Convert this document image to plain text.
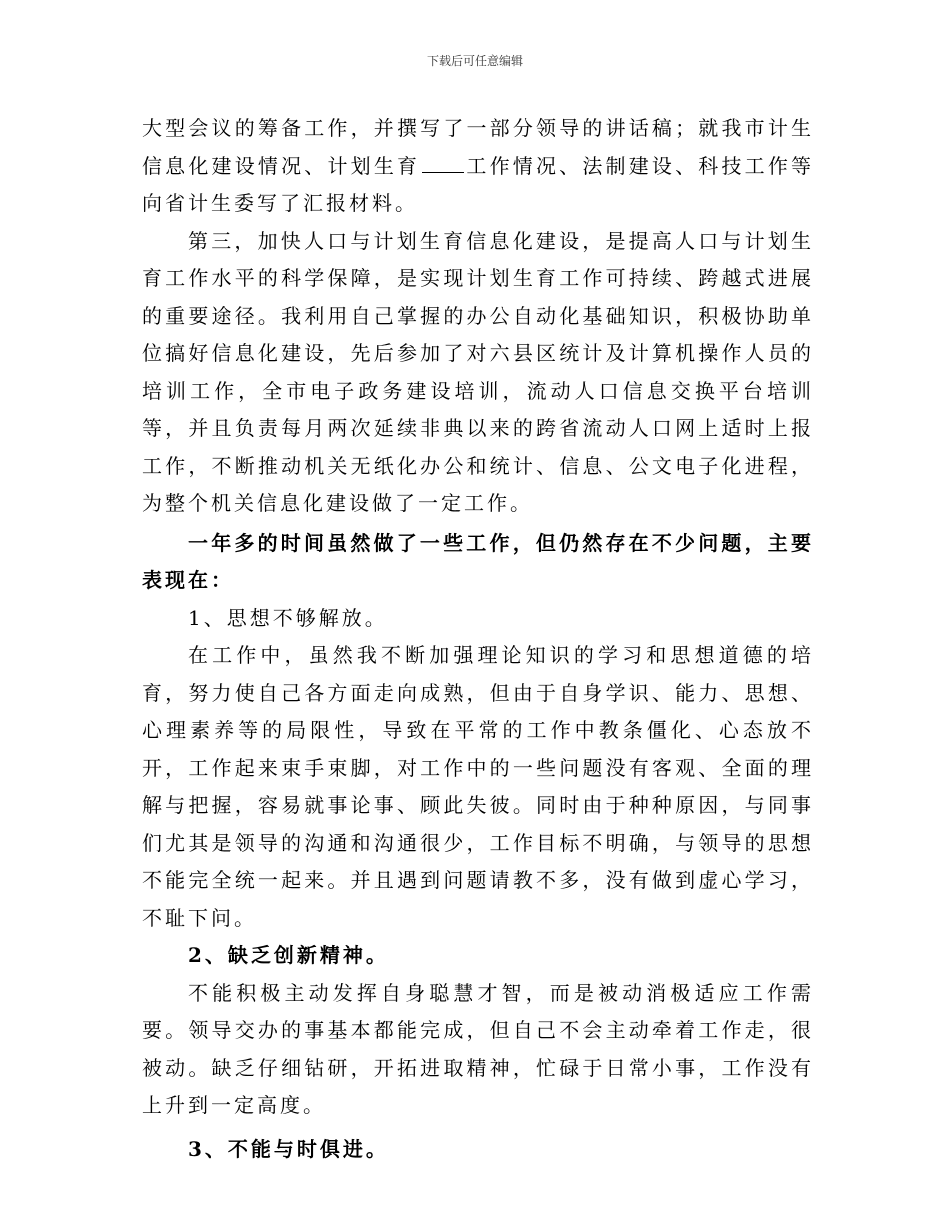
下载后可任意编辑

大型会议的筹备工作，并撰写了一部分领导的讲话稿；就我市计生信息化建设情况、计划生育 工作情况、法制建设、科技工作等向省计生委写了汇报材料。

第三，加快人口与计划生育信息化建设，是提高人口与计划生育工作水平的科学保障，是实现计划生育工作可持续、跨越式进展的重要途径。我利用自己掌握的办公自动化基础知识，积极协助单位搞好信息化建设，先后参加了对六县区统计及计算机操作人员的培训工作，全市电子政务建设培训，流动人口信息交换平台培训等，并且负责每月两次延续非典以来的跨省流动人口网上适时上报工作，不断推动机关无纸化办公和统计、信息、公文电子化进程，为整个机关信息化建设做了一定工作。

一年多的时间虽然做了一些工作，但仍然存在不少问题，主要表现在：

1、思想不够解放。

在工作中，虽然我不断加强理论知识的学习和思想道德的培育，努力使自己各方面走向成熟，但由于自身学识、能力、思想、心理素养等的局限性，导致在平常的工作中教条僵化、心态放不开，工作起来束手束脚，对工作中的一些问题没有客观、全面的理解与把握，容易就事论事、顾此失彼。同时由于种种原因，与同事们尤其是领导的沟通和沟通很少，工作目标不明确，与领导的思想不能完全统一起来。并且遇到问题请教不多，没有做到虚心学习，不耻下问。

2、缺乏创新精神。

不能积极主动发挥自身聪慧才智，而是被动消极适应工作需要。领导交办的事基本都能完成，但自己不会主动牵着工作走，很被动。缺乏仔细钻研，开拓进取精神，忙碌于日常小事，工作没有上升到一定高度。

3、不能与时俱进。
